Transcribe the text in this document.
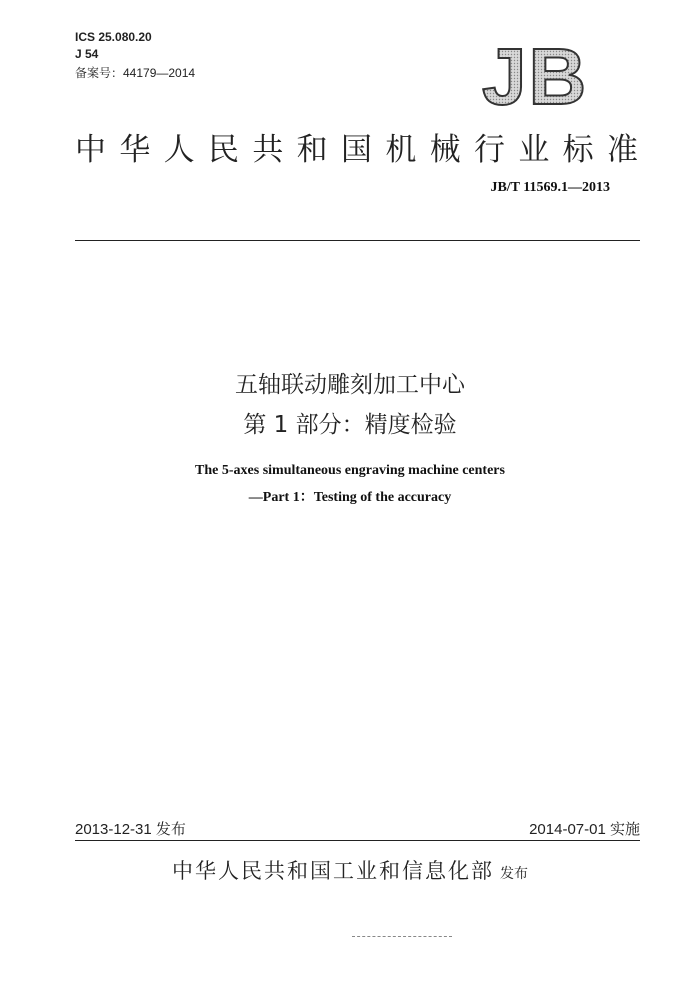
ICS 25.080.20
J 54
备案号：44179—2014	JB
中华人民共和国机械行业标准
JB/T 11569.1—2013
五轴联动雕刻加工中心
第 1 部分：精度检验
The 5-axes simultaneous engraving machine centers
—Part 1：Testing of the accuracy
2013-12-31 发布	2014-07-01 实施
中华人民共和国工业和信息化部 发布
